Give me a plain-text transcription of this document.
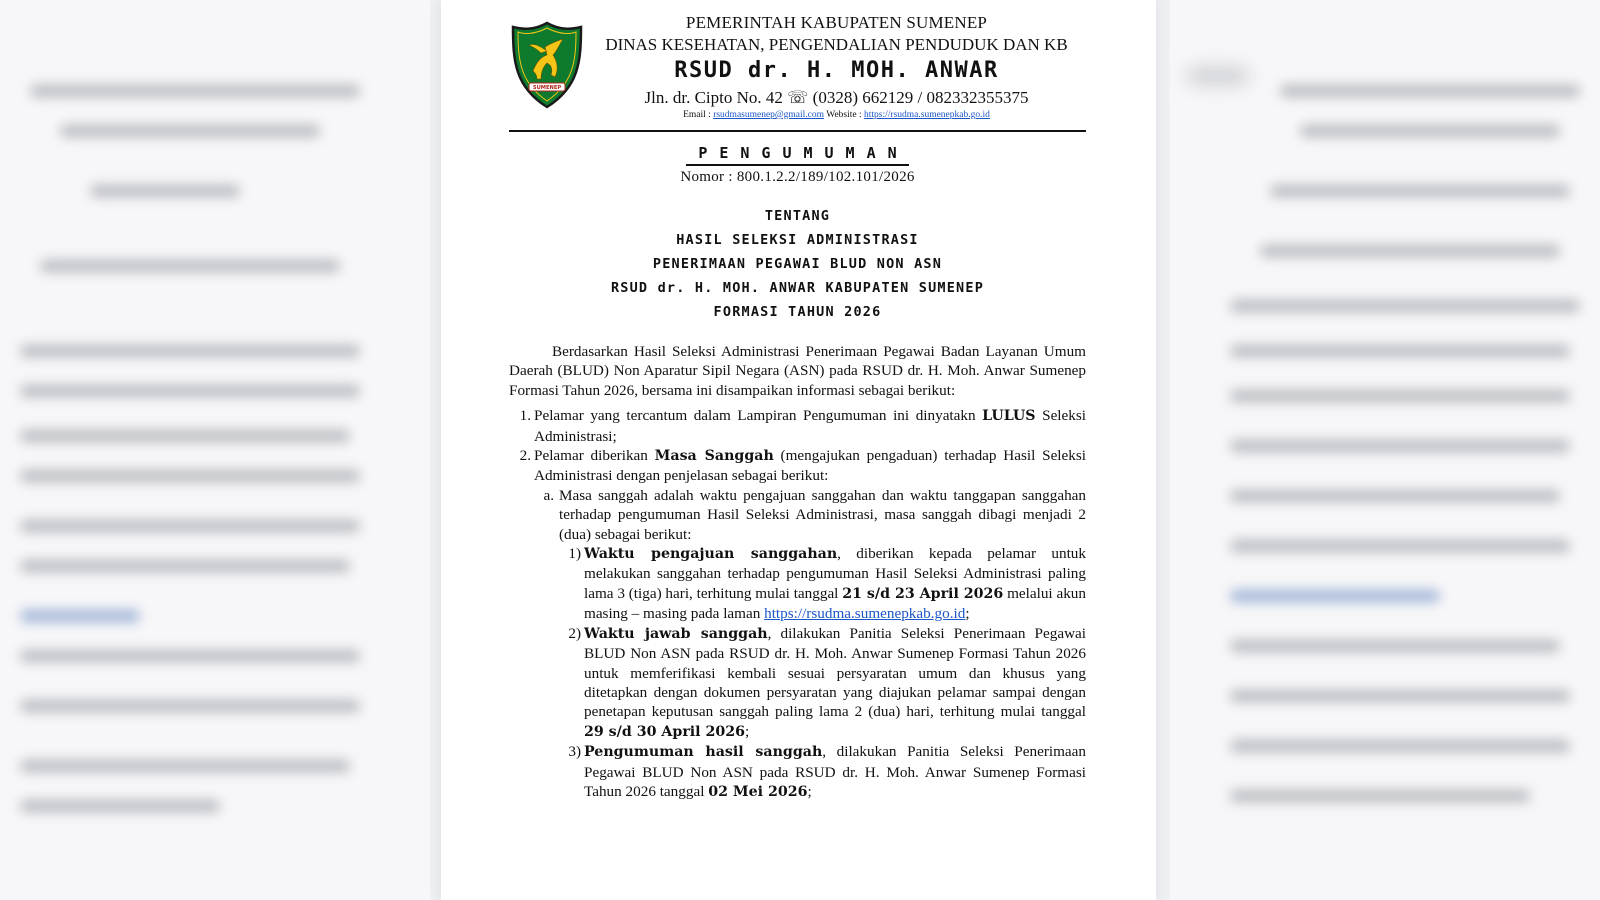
SUMENEP
PEMERINTAH KABUPATEN SUMENEP
DINAS KESEHATAN, PENGENDALIAN PENDUDUK DAN KB
RSUD dr. H. MOH. ANWAR
Jln. dr. Cipto No. 42 ☏ (0328) 662129 / 082332355375
Email : rsudmasumenep@gmail.com Website : https://rsudma.sumenepkab.go.id
PENGUMUMAN
Nomor : 800.1.2.2/189/102.101/2026
TENTANG
HASIL SELEKSI ADMINISTRASI
PENERIMAAN PEGAWAI BLUD NON ASN
RSUD dr. H. MOH. ANWAR KABUPATEN SUMENEP
FORMASI TAHUN 2026

Berdasarkan Hasil Seleksi Administrasi Penerimaan Pegawai Badan Layanan Umum Daerah (BLUD) Non Aparatur Sipil Negara (ASN) pada RSUD dr. H. Moh. Anwar Sumenep Formasi Tahun 2026, bersama ini disampaikan informasi sebagai berikut:

1. Pelamar yang tercantum dalam Lampiran Pengumuman ini dinyatakn LULUS Seleksi Administrasi;
2. Pelamar diberikan Masa Sanggah (mengajukan pengaduan) terhadap Hasil Seleksi Administrasi dengan penjelasan sebagai berikut:
a. Masa sanggah adalah waktu pengajuan sanggahan dan waktu tanggapan sanggahan terhadap pengumuman Hasil Seleksi Administrasi, masa sanggah dibagi menjadi 2 (dua) sebagai berikut:
1) Waktu pengajuan sanggahan, diberikan kepada pelamar untuk melakukan sanggahan terhadap pengumuman Hasil Seleksi Administrasi paling lama 3 (tiga) hari, terhitung mulai tanggal 21 s/d 23 April 2026 melalui akun masing – masing pada laman https://rsudma.sumenepkab.go.id;
2) Waktu jawab sanggah, dilakukan Panitia Seleksi Penerimaan Pegawai BLUD Non ASN pada RSUD dr. H. Moh. Anwar Sumenep Formasi Tahun 2026 untuk memferifikasi kembali sesuai persyaratan umum dan khusus yang ditetapkan dengan dokumen persyaratan yang diajukan pelamar sampai dengan penetapan keputusan sanggah paling lama 2 (dua) hari, terhitung mulai tanggal 29 s/d 30 April 2026;
3) Pengumuman hasil sanggah, dilakukan Panitia Seleksi Penerimaan Pegawai BLUD Non ASN pada RSUD dr. H. Moh. Anwar Sumenep Formasi Tahun 2026 tanggal 02 Mei 2026;
